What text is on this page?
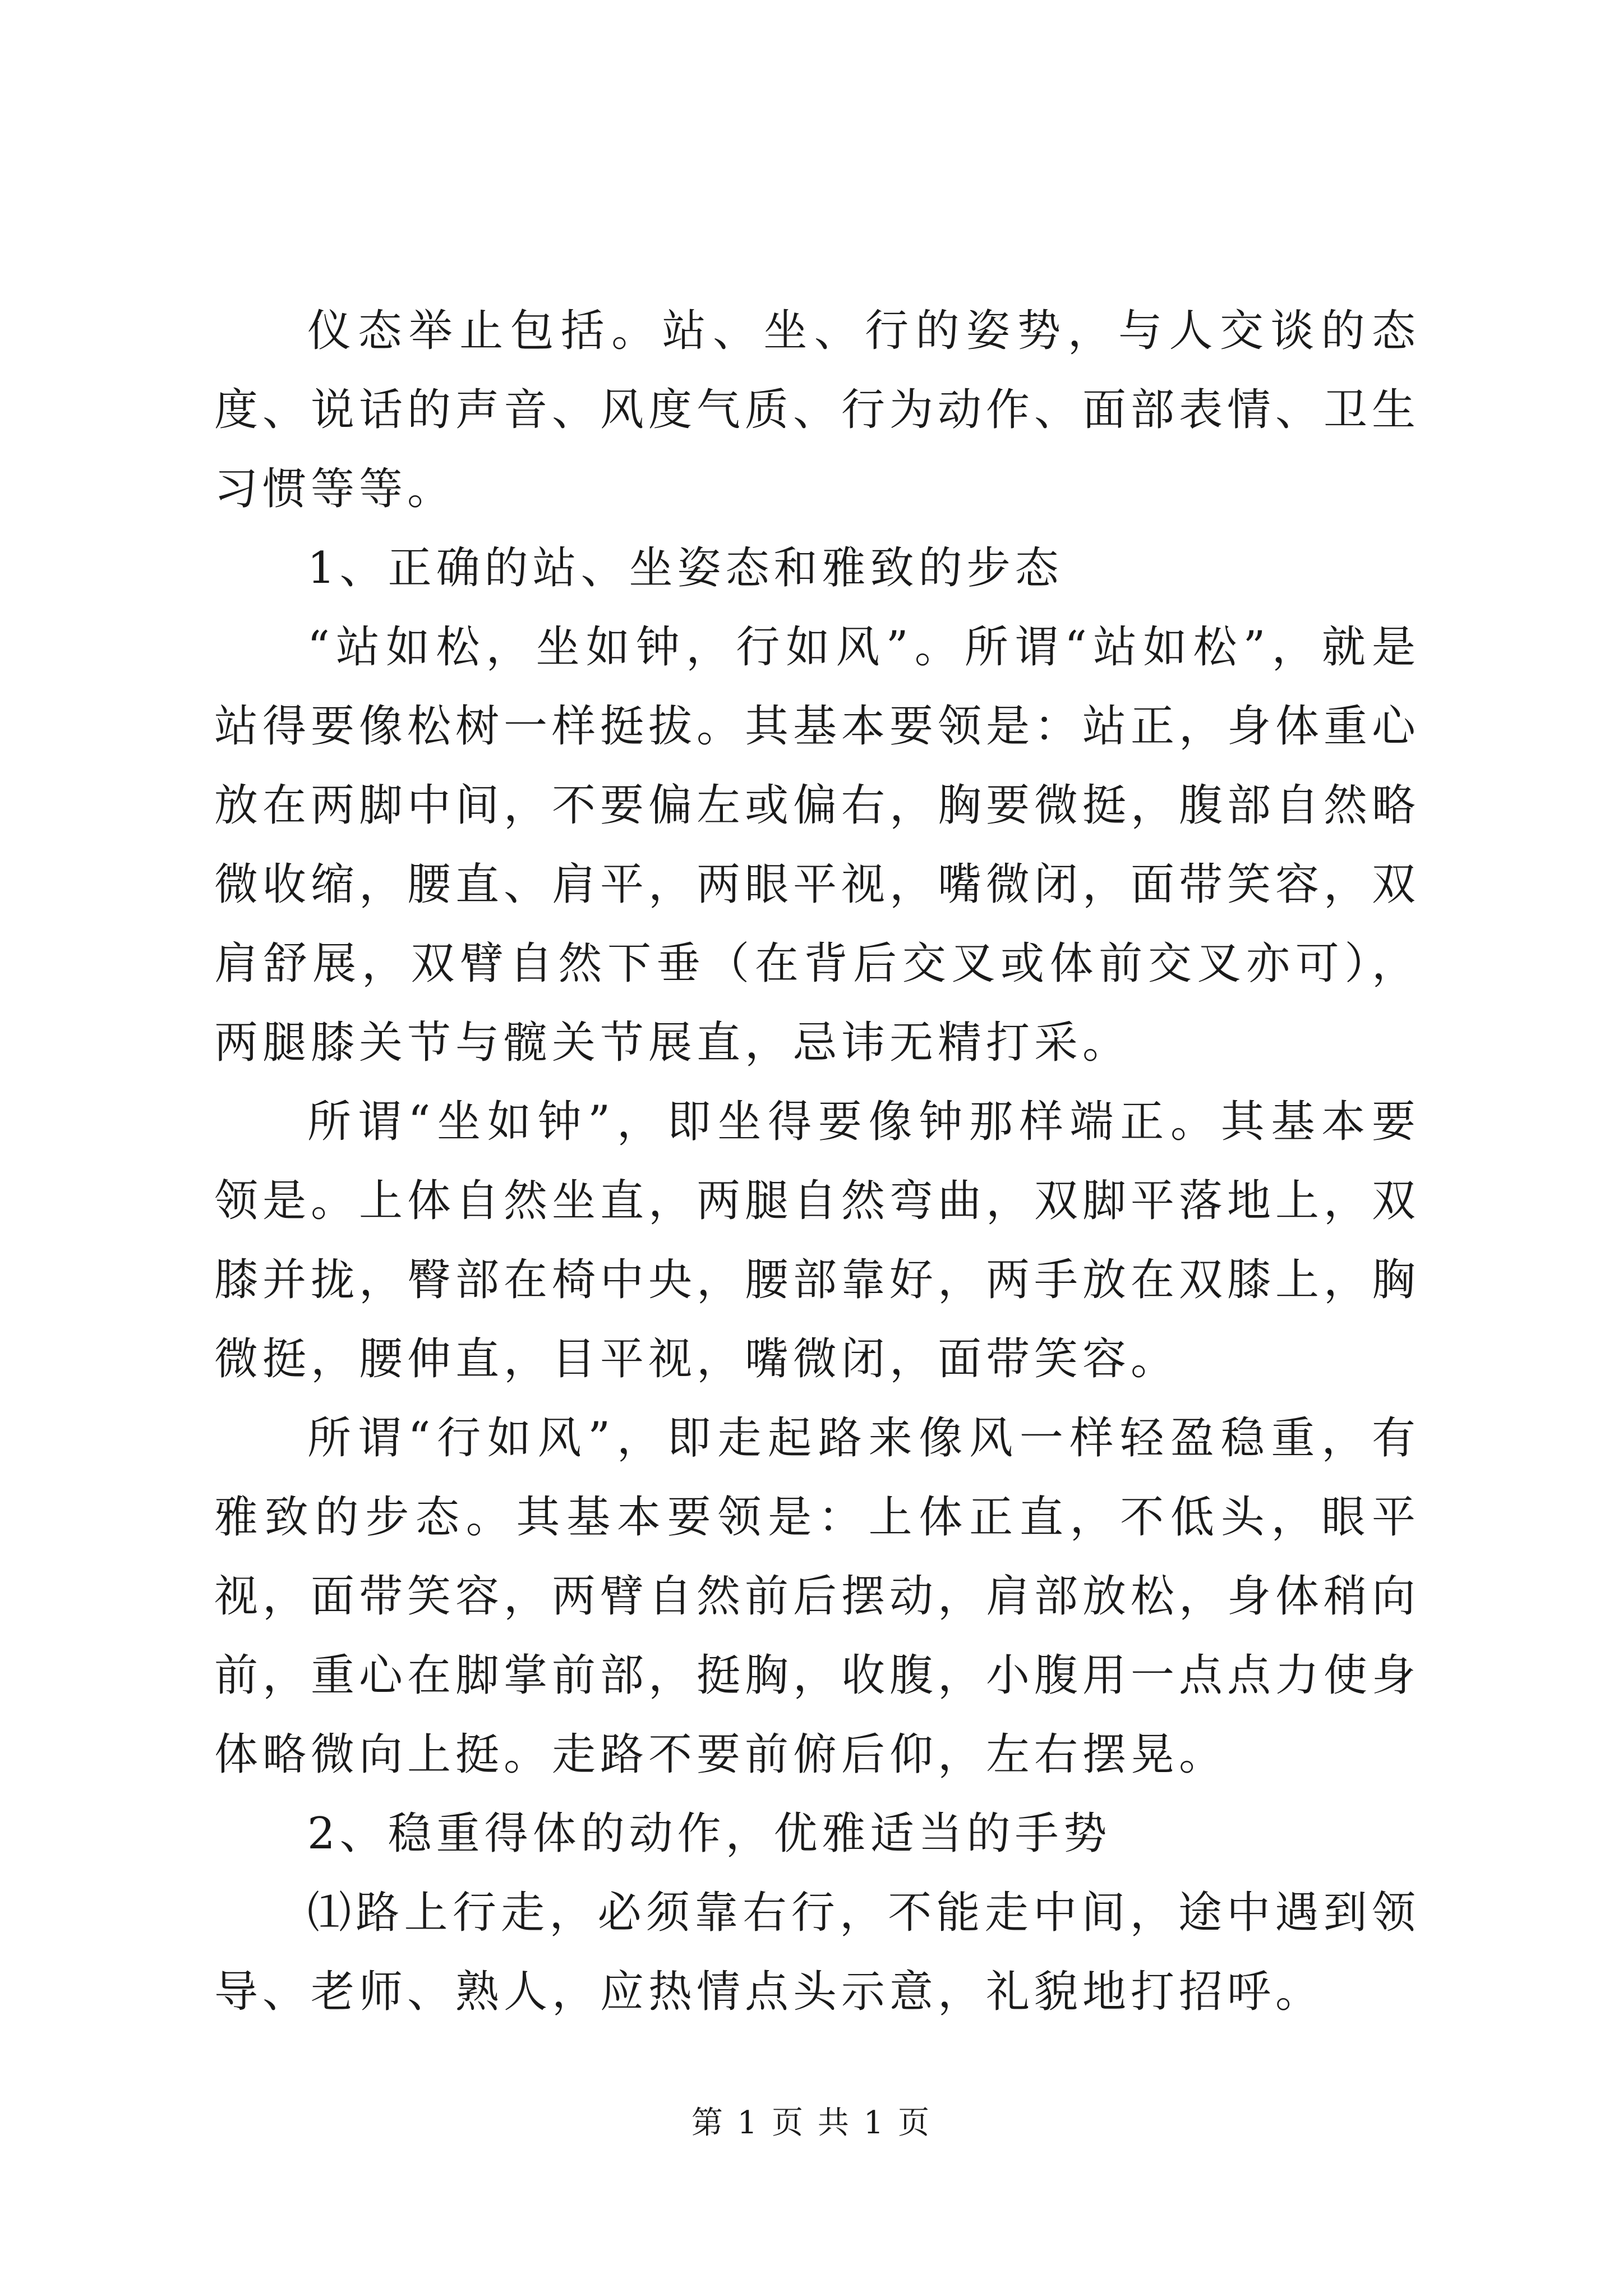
仪态举止包括。站、坐、行的姿势，与人交谈的态度、说话的声音、风度气质、行为动作、面部表情、卫生习惯等等。

1、正确的站、坐姿态和雅致的步态

“站如松，坐如钟，行如风”。所谓“站如松”，就是站得要像松树一样挺拔。其基本要领是：站正，身体重心放在两脚中间，不要偏左或偏右，胸要微挺，腹部自然略微收缩，腰直、肩平，两眼平视，嘴微闭，面带笑容，双肩舒展，双臂自然下垂（在背后交叉或体前交叉亦可），两腿膝关节与髋关节展直，忌讳无精打采。

所谓“坐如钟”，即坐得要像钟那样端正。其基本要领是。上体自然坐直，两腿自然弯曲，双脚平落地上，双膝并拢，臀部在椅中央，腰部靠好，两手放在双膝上，胸微挺，腰伸直，目平视，嘴微闭，面带笑容。

所谓“行如风”，即走起路来像风一样轻盈稳重，有雅致的步态。其基本要领是：上体正直，不低头，眼平视，面带笑容，两臂自然前后摆动，肩部放松，身体稍向前，重心在脚掌前部，挺胸，收腹，小腹用一点点力使身体略微向上挺。走路不要前俯后仰，左右摆晃。

2、稳重得体的动作，优雅适当的手势

⑴路上行走，必须靠右行，不能走中间，途中遇到领导、老师、熟人，应热情点头示意，礼貌地打招呼。

第 1 页 共 1 页
